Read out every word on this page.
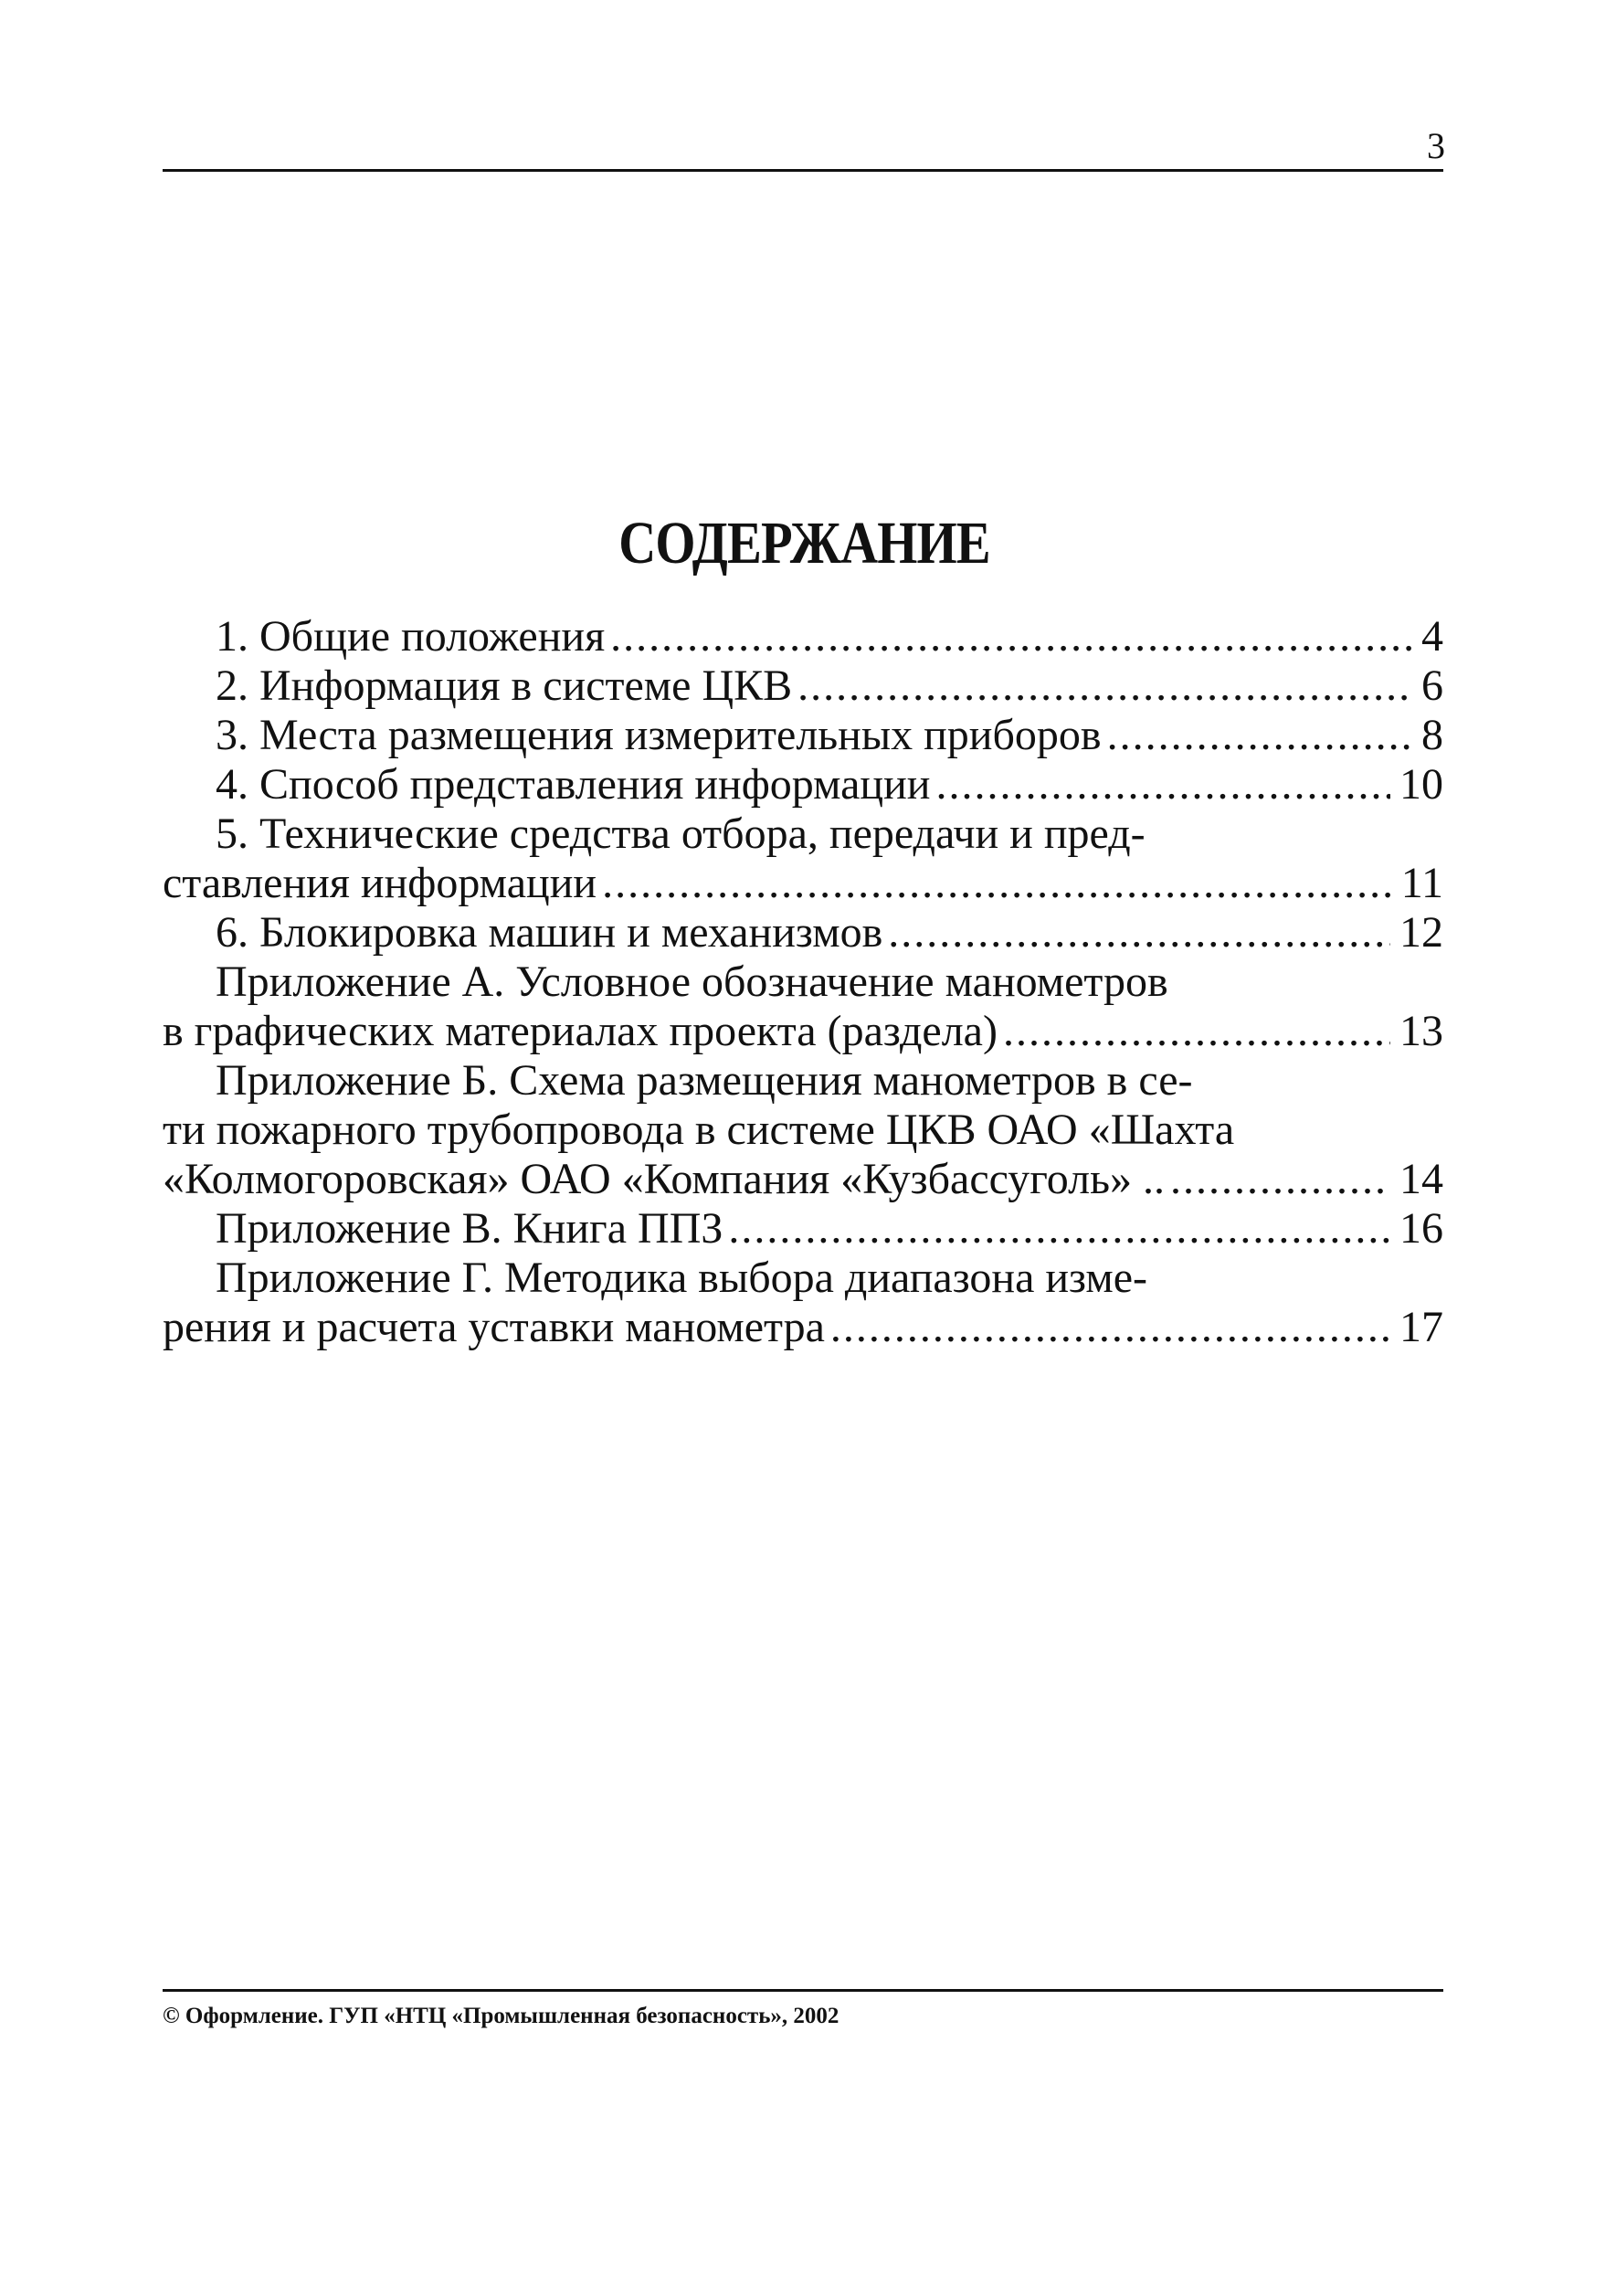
3
СОДЕРЖАНИЕ
1. Общие положения .....	4
2. Информация в системе ЦКВ .....	6
3. Места размещения измерительных приборов .....	8
4. Способ представления информации .....	10
5. Технические средства отбора, передачи и пред-
ставления информации .....	11
6. Блокировка машин и механизмов .....	12
Приложение А. Условное обозначение манометров
в графических материалах проекта (раздела) .....	13
Приложение Б. Схема размещения манометров в се-
ти пожарного трубопровода в системе ЦКВ ОАО «Шахта
«Колмогоровская» ОАО «Компания «Кузбассуголь» .. .....	14
Приложение В. Книга ППЗ .....	16
Приложение Г. Методика выбора диапазона изме-
рения и расчета уставки манометра .....	17
© Оформление. ГУП «НТЦ «Промышленная безопасность», 2002
